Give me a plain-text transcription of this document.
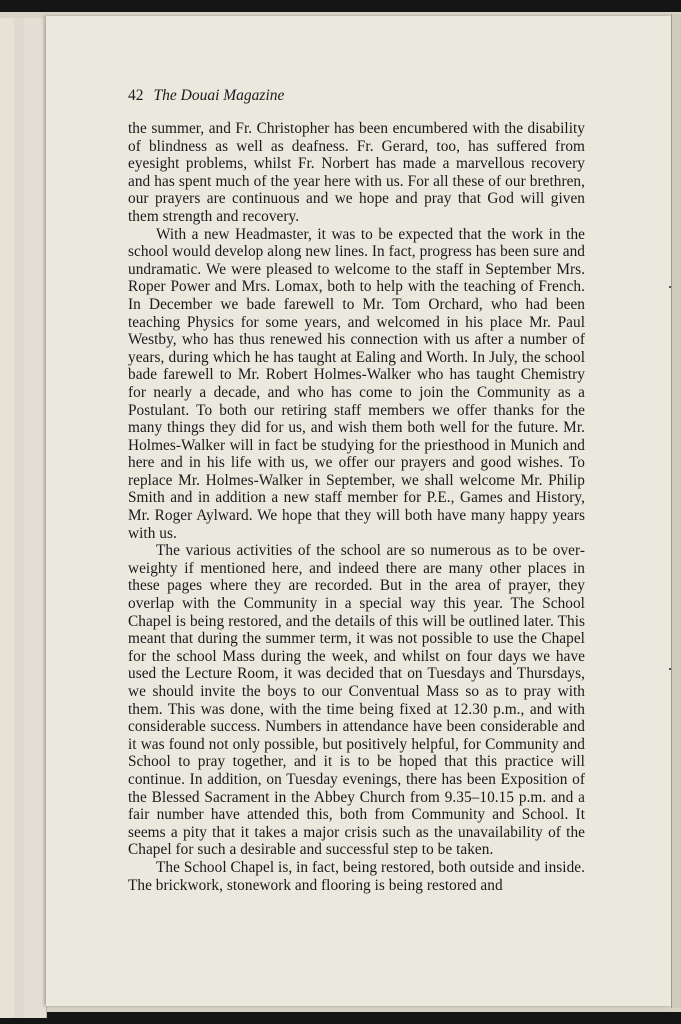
42 The Douai Magazine

the summer, and Fr. Christopher has been encumbered with the disability of blindness as well as deafness. Fr. Gerard, too, has suffered from eyesight problems, whilst Fr. Norbert has made a marvellous recovery and has spent much of the year here with us. For all these of our brethren, our prayers are continuous and we hope and pray that God will given them strength and recovery.

With a new Headmaster, it was to be expected that the work in the school would develop along new lines. In fact, progress has been sure and undramatic. We were pleased to welcome to the staff in September Mrs. Roper Power and Mrs. Lomax, both to help with the teaching of French. In December we bade farewell to Mr. Tom Orchard, who had been teaching Physics for some years, and welcomed in his place Mr. Paul Westby, who has thus renewed his connection with us after a number of years, during which he has taught at Ealing and Worth. In July, the school bade farewell to Mr. Robert Holmes-Walker who has taught Chemistry for nearly a decade, and who has come to join the Community as a Postulant. To both our retiring staff members we offer thanks for the many things they did for us, and wish them both well for the future. Mr. Holmes-Walker will in fact be studying for the priesthood in Munich and here and in his life with us, we offer our prayers and good wishes. To replace Mr. Holmes-Walker in September, we shall welcome Mr. Philip Smith and in addition a new staff member for P.E., Games and History, Mr. Roger Aylward. We hope that they will both have many happy years with us.

The various activities of the school are so numerous as to be over-weighty if mentioned here, and indeed there are many other places in these pages where they are recorded. But in the area of prayer, they overlap with the Community in a special way this year. The School Chapel is being restored, and the details of this will be outlined later. This meant that during the summer term, it was not possible to use the Chapel for the school Mass during the week, and whilst on four days we have used the Lecture Room, it was decided that on Tuesdays and Thursdays, we should invite the boys to our Conventual Mass so as to pray with them. This was done, with the time being fixed at 12.30 p.m., and with considerable success. Numbers in attendance have been considerable and it was found not only possible, but positively helpful, for Community and School to pray together, and it is to be hoped that this practice will continue. In addition, on Tuesday evenings, there has been Exposition of the Blessed Sacrament in the Abbey Church from 9.35–10.15 p.m. and a fair number have attended this, both from Community and School. It seems a pity that it takes a major crisis such as the unavailability of the Chapel for such a desirable and successful step to be taken.

The School Chapel is, in fact, being restored, both outside and inside. The brickwork, stonework and flooring is being restored and
